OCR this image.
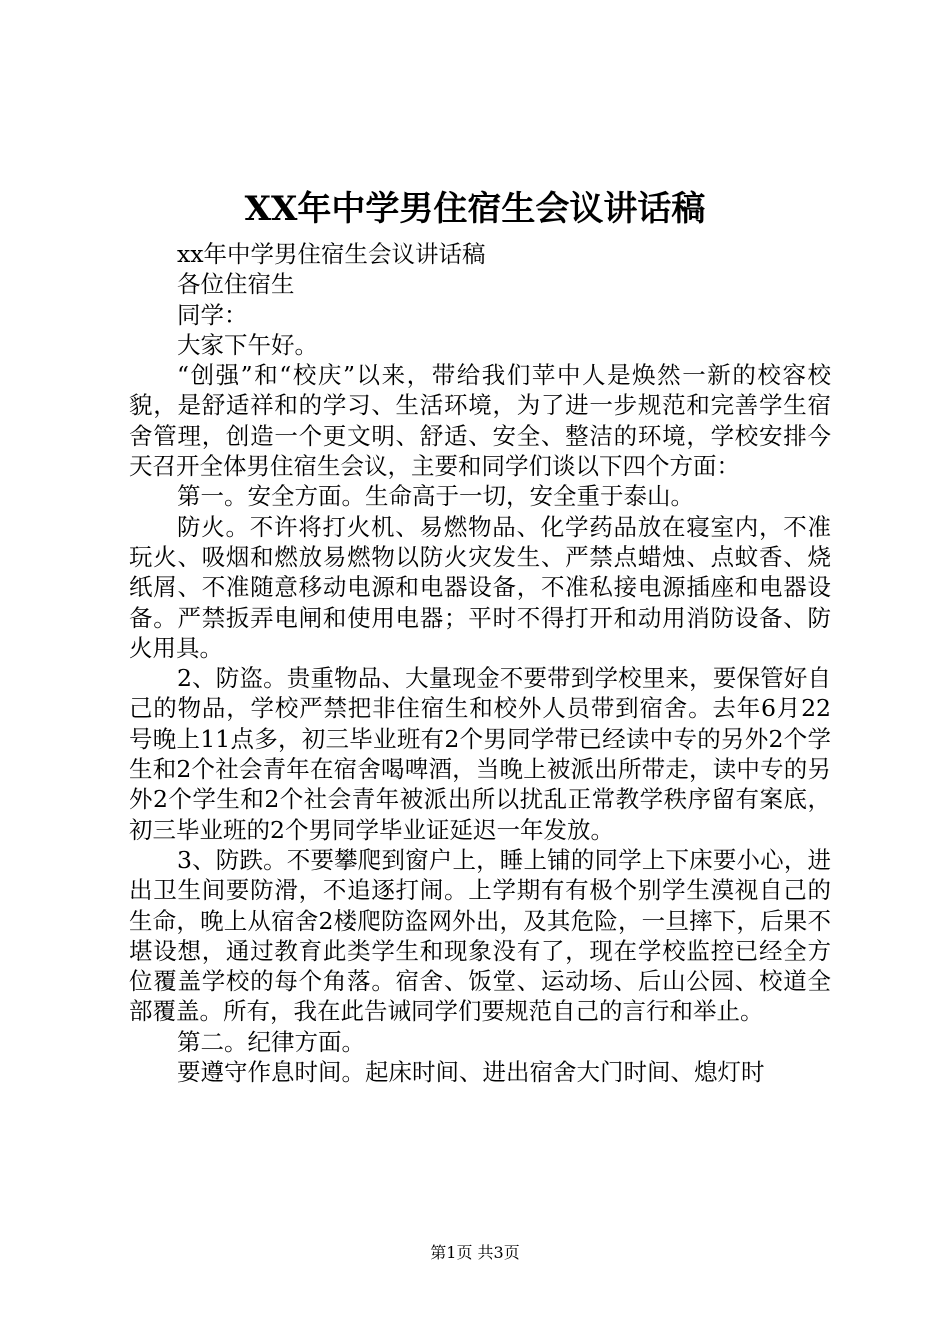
XX年中学男住宿生会议讲话稿

xx年中学男住宿生会议讲话稿

各位住宿生

同学：

大家下午好。

“创强”和“校庆”以来，带给我们苹中人是焕然一新的校容校貌，是舒适祥和的学习、生活环境，为了进一步规范和完善学生宿舍管理，创造一个更文明、舒适、安全、整洁的环境，学校安排今天召开全体男住宿生会议，主要和同学们谈以下四个方面：

第一。安全方面。生命高于一切，安全重于泰山。

防火。不许将打火机、易燃物品、化学药品放在寝室内，不准玩火、吸烟和燃放易燃物以防火灾发生、严禁点蜡烛、点蚊香、烧纸屑、不准随意移动电源和电器设备，不准私接电源插座和电器设备。严禁扳弄电闸和使用电器；平时不得打开和动用消防设备、防火用具。

2、防盗。贵重物品、大量现金不要带到学校里来，要保管好自己的物品，学校严禁把非住宿生和校外人员带到宿舍。去年6月22号晚上11点多，初三毕业班有2个男同学带已经读中专的另外2个学生和2个社会青年在宿舍喝啤酒，当晚上被派出所带走，读中专的另外2个学生和2个社会青年被派出所以扰乱正常教学秩序留有案底，初三毕业班的2个男同学毕业证延迟一年发放。

3、防跌。不要攀爬到窗户上，睡上铺的同学上下床要小心，进出卫生间要防滑，不追逐打闹。上学期有有极个别学生漠视自己的生命，晚上从宿舍2楼爬防盗网外出，及其危险，一旦摔下，后果不堪设想，通过教育此类学生和现象没有了，现在学校监控已经全方位覆盖学校的每个角落。宿舍、饭堂、运动场、后山公园、校道全部覆盖。所有，我在此告诫同学们要规范自己的言行和举止。

第二。纪律方面。

要遵守作息时间。起床时间、进出宿舍大门时间、熄灯时

第1页 共3页
